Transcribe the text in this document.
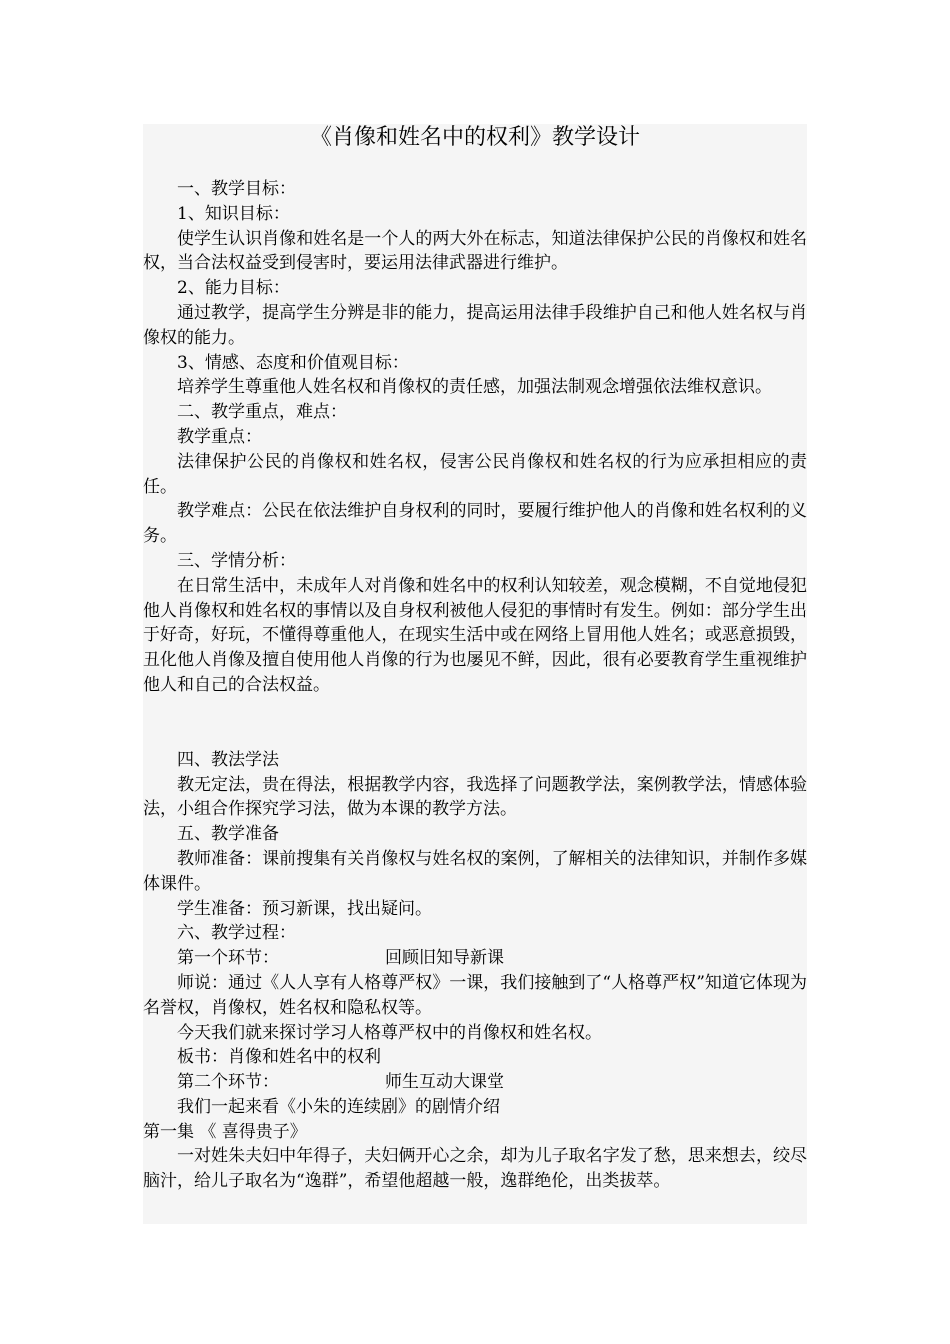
《肖像和姓名中的权利》教学设计

一、教学目标：

1、知识目标：

使学生认识肖像和姓名是一个人的两大外在标志，知道法律保护公民的肖像权和姓名权，当合法权益受到侵害时，要运用法律武器进行维护。

2、能力目标：

通过教学，提高学生分辨是非的能力，提高运用法律手段维护自己和他人姓名权与肖像权的能力。

3、情感、态度和价值观目标：

培养学生尊重他人姓名权和肖像权的责任感，加强法制观念增强依法维权意识。

二、教学重点，难点：

教学重点：

法律保护公民的肖像权和姓名权，侵害公民肖像权和姓名权的行为应承担相应的责任。

教学难点：公民在依法维护自身权利的同时，要履行维护他人的肖像和姓名权利的义务。

三、学情分析：

在日常生活中，未成年人对肖像和姓名中的权利认知较差，观念模糊，不自觉地侵犯他人肖像权和姓名权的事情以及自身权利被他人侵犯的事情时有发生。例如：部分学生出于好奇，好玩，不懂得尊重他人，在现实生活中或在网络上冒用他人姓名；或恶意损毁，丑化他人肖像及擅自使用他人肖像的行为也屡见不鲜，因此，很有必要教育学生重视维护他人和自己的合法权益。

四、教法学法

教无定法，贵在得法，根据教学内容，我选择了问题教学法，案例教学法，情感体验法，小组合作探究学习法，做为本课的教学方法。

五、教学准备

教师准备：课前搜集有关肖像权与姓名权的案例，了解相关的法律知识，并制作多媒体课件。

学生准备：预习新课，找出疑问。

六、教学过程：

第一个环节：	回顾旧知导新课

师说：通过《人人享有人格尊严权》一课，我们接触到了“人格尊严权”知道它体现为名誉权，肖像权，姓名权和隐私权等。

今天我们就来探讨学习人格尊严权中的肖像权和姓名权。

板书：肖像和姓名中的权利

第二个环节：	师生互动大课堂

我们一起来看《小朱的连续剧》的剧情介绍

第一集 《 喜得贵子》

一对姓朱夫妇中年得子，夫妇俩开心之余，却为儿子取名字发了愁，思来想去，绞尽脑汁，给儿子取名为“逸群”，希望他超越一般，逸群绝伦，出类拔萃。
